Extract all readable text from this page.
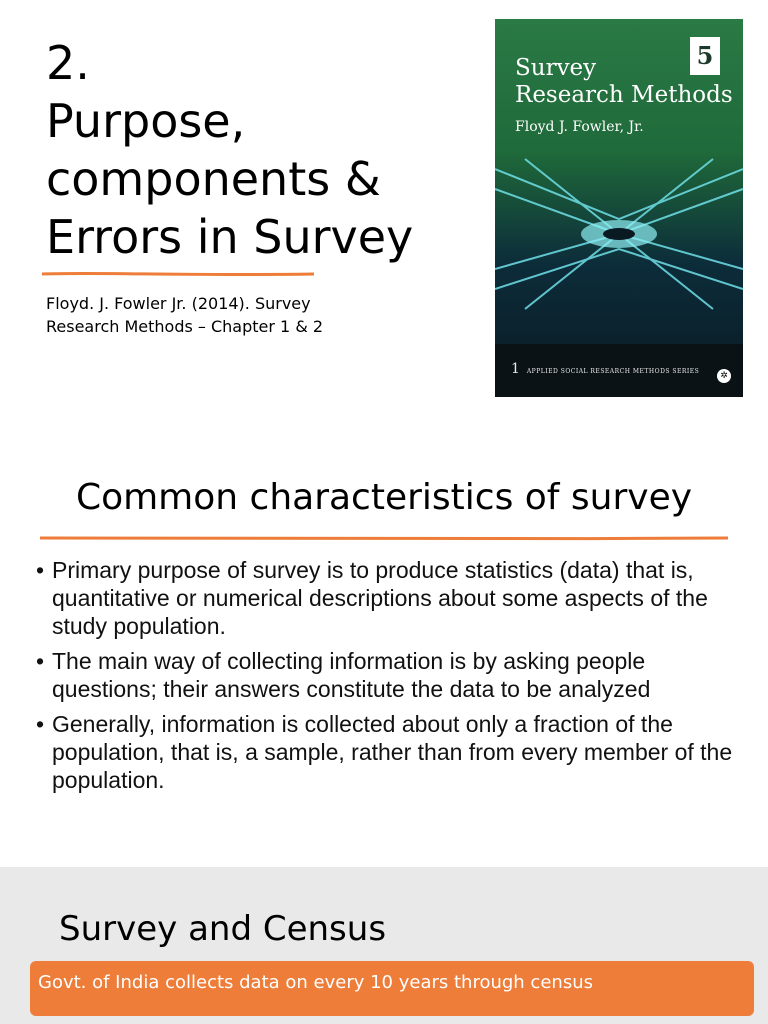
2.
Purpose,
components &
Errors in Survey

Floyd. J. Fowler Jr. (2014). Survey
Research Methods – Chapter 1 & 2

5
Survey
Research Methods
Floyd J. Fowler, Jr.
1 APPLIED SOCIAL RESEARCH METHODS SERIES	✲
Common characteristics of survey
• Primary purpose of survey is to produce statistics (data) that is, quantitative or numerical descriptions about some aspects of the study population.
• The main way of collecting information is by asking people questions; their answers constitute the data to be analyzed
• Generally, information is collected about only a fraction of the population, that is, a sample, rather than from every member of the population.
Survey and Census
Govt. of India collects data on every 10 years through census
